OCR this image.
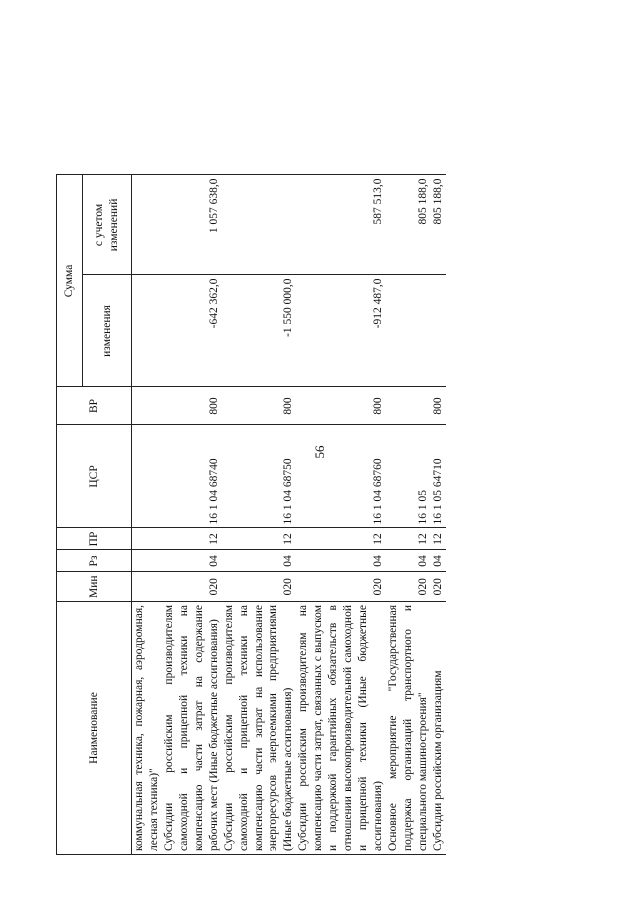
56
Наименование	Мин	Рз	ПР	ЦСР	ВР	Сумма	
						изменения	с учетом изменений
коммунальная техника, пожарная, аэродромная, лесная техника)"							
Субсидии российским производителям самоходной и прицепной техники на компенсацию части затрат на содержание рабочих мест (Иные бюджетные ассигнования)	020	04	12	16 1 04 68740	800	-642 362,0	1 057 638,0
Субсидии российским производителям самоходной и прицепной техники на компенсацию части затрат на использование энергоресурсов энергоемкими предприятиями (Иные бюджетные ассигнования)	020	04	12	16 1 04 68750	800	-1 550 000,0	
Субсидии российским производителям на компенсацию части затрат, связанных с выпуском и поддержкой гарантийных обязательств в отношении высокопроизводительной самоходной и прицепной техники (Иные бюджетные ассигнования)	020	04	12	16 1 04 68760	800	-912 487,0	587 513,0
Основное мероприятие "Государственная поддержка организаций транспортного и специального машиностроения"	020	04	12	16 1 05			805 188,0
Субсидии российским организациям	020	04	12	16 1 05 64710	800		805 188,0
